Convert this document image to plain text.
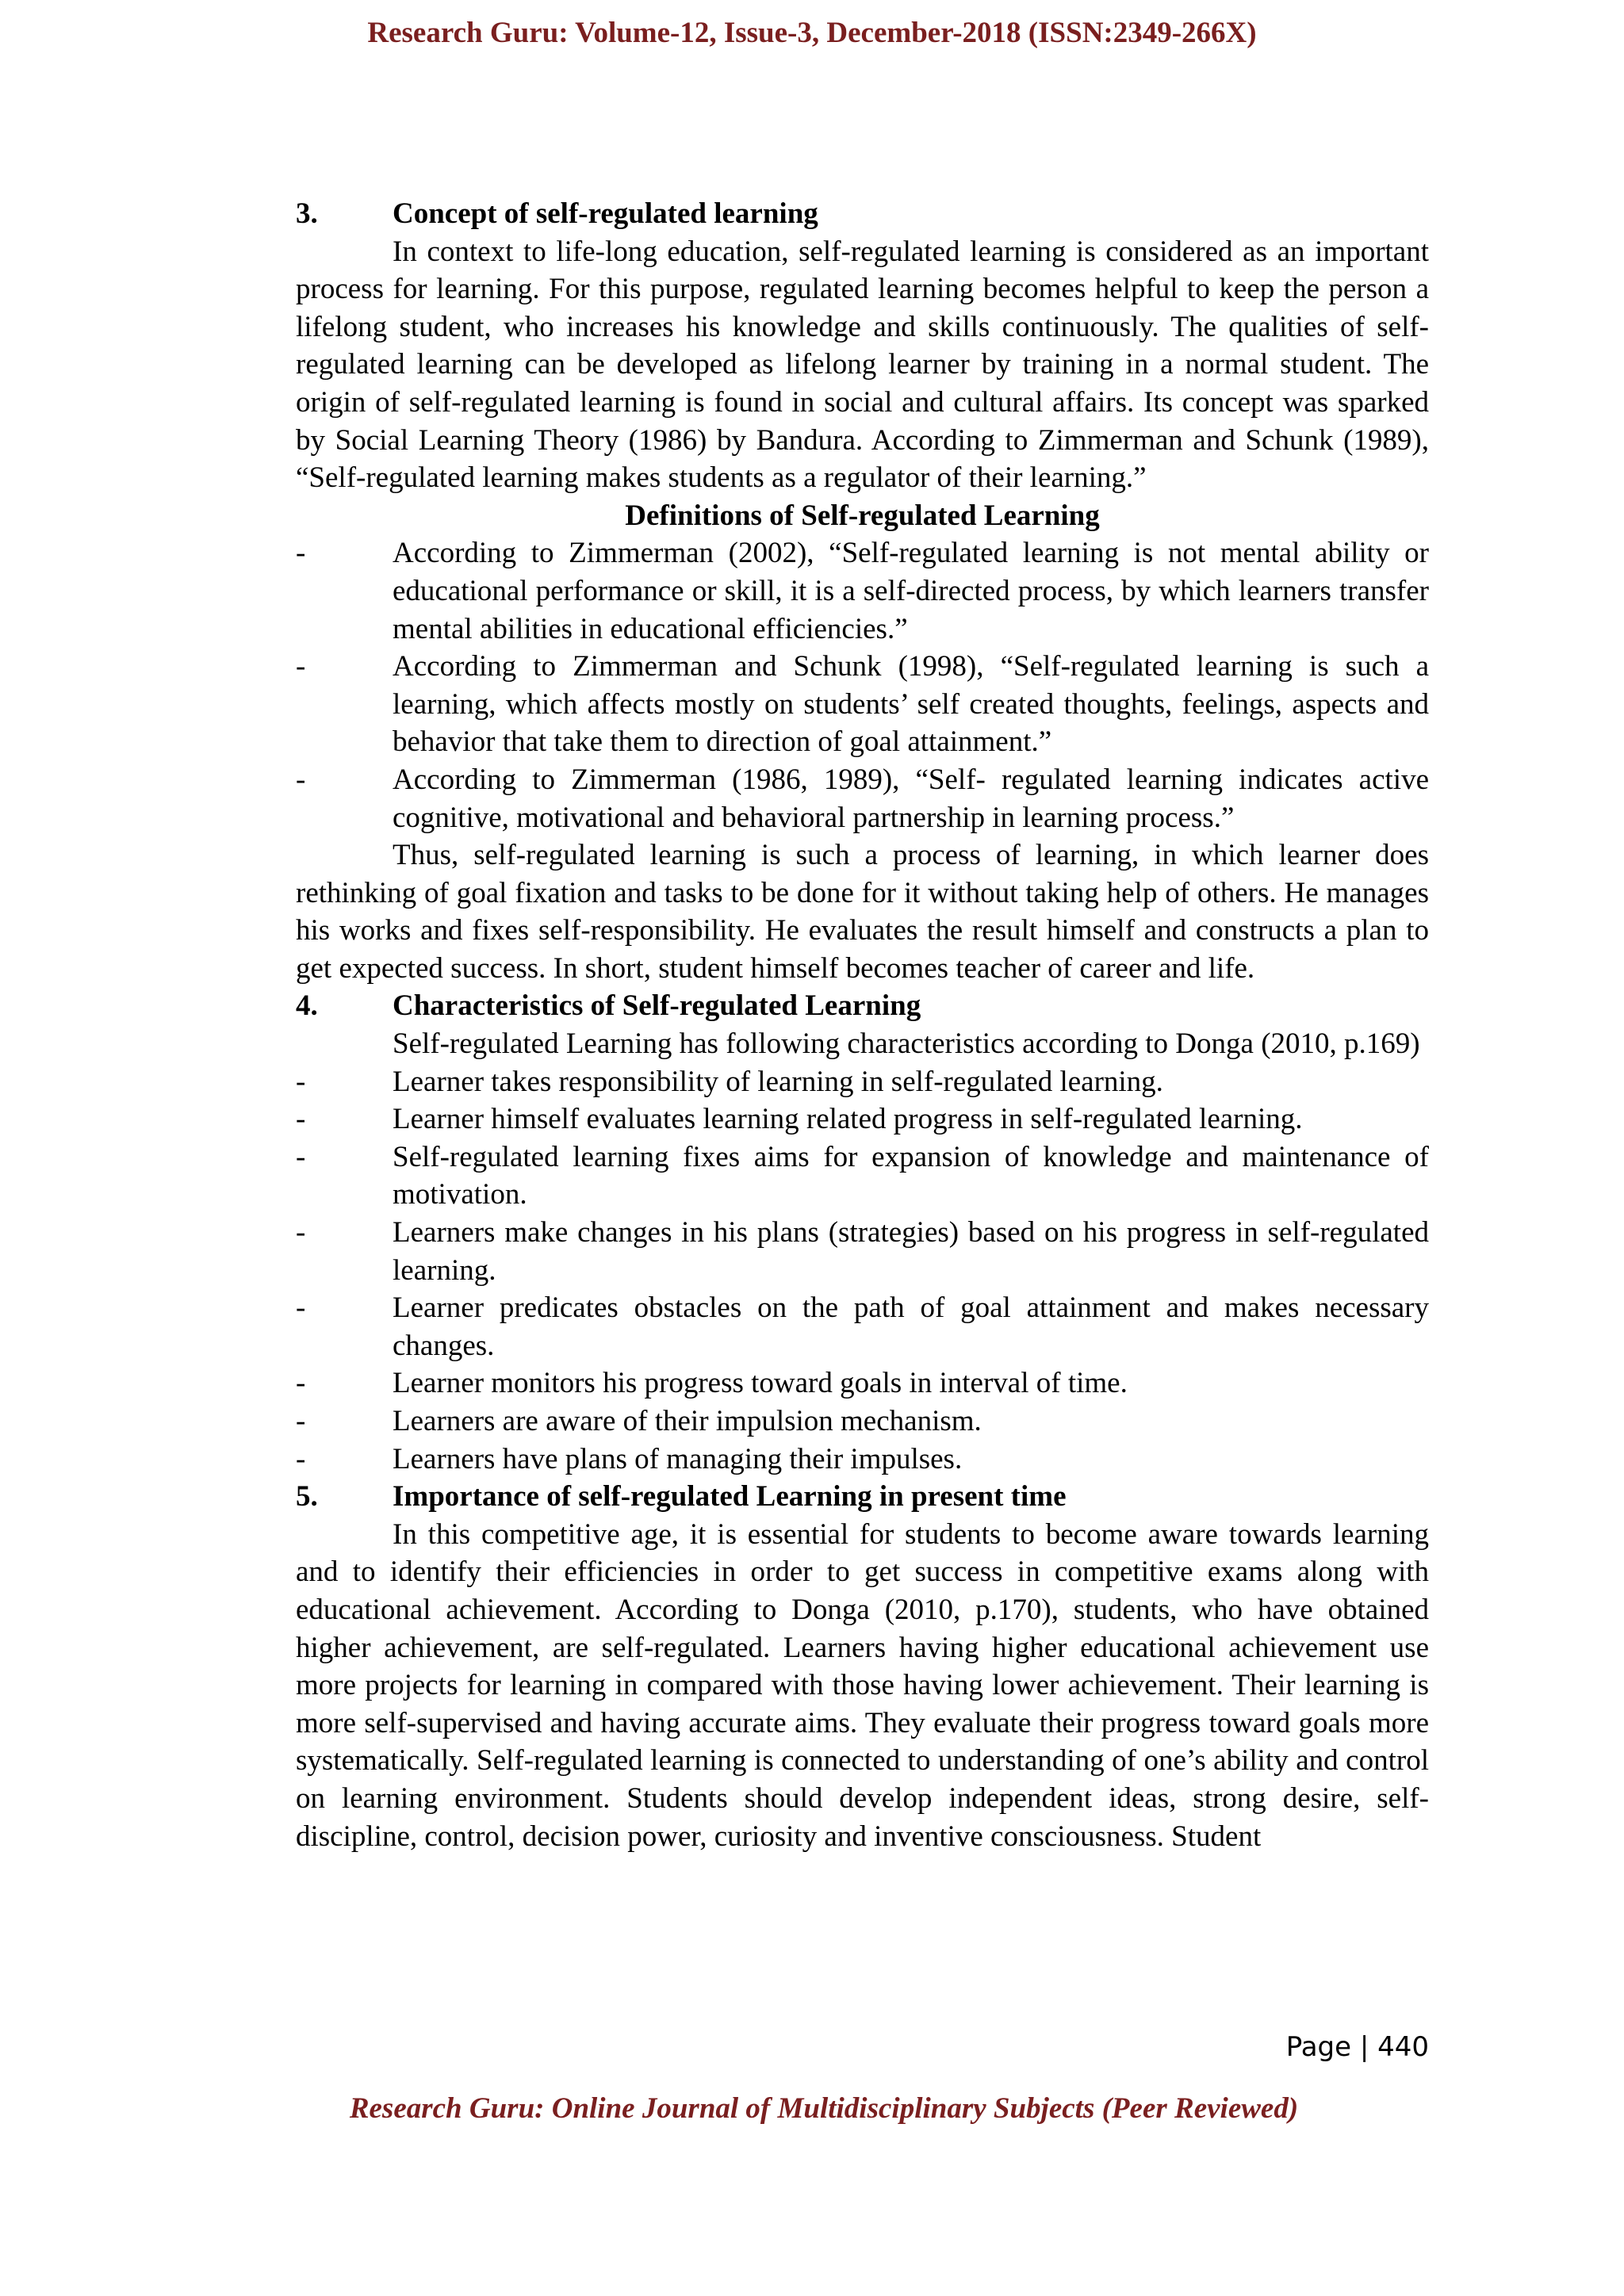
Research Guru: Volume-12, Issue-3, December-2018 (ISSN:2349-266X)
3.	Concept of self-regulated learning

In context to life-long education, self-regulated learning is considered as an important process for learning. For this purpose, regulated learning becomes helpful to keep the person a lifelong student, who increases his knowledge and skills continuously. The qualities of self-regulated learning can be developed as lifelong learner by training in a normal student. The origin of self-regulated learning is found in social and cultural affairs. Its concept was sparked by Social Learning Theory (1986) by Bandura. According to Zimmerman and Schunk (1989), “Self-regulated learning makes students as a regulator of their learning.”

Definitions of Self-regulated Learning
-	According to Zimmerman (2002), “Self-regulated learning is not mental ability or educational performance or skill, it is a self-directed process, by which learners transfer mental abilities in educational efficiencies.”
-	According to Zimmerman and Schunk (1998), “Self-regulated learning is such a learning, which affects mostly on students’ self created thoughts, feelings, aspects and behavior that take them to direction of goal attainment.”
-	According to Zimmerman (1986, 1989), “Self- regulated learning indicates active cognitive, motivational and behavioral partnership in learning process.”

Thus, self-regulated learning is such a process of learning, in which learner does rethinking of goal fixation and tasks to be done for it without taking help of others. He manages his works and fixes self-responsibility. He evaluates the result himself and constructs a plan to get expected success. In short, student himself becomes teacher of career and life.

4.	Characteristics of Self-regulated Learning

Self-regulated Learning has following characteristics according to Donga (2010, p.169)

-	Learner takes responsibility of learning in self-regulated learning.
-	Learner himself evaluates learning related progress in self-regulated learning.
-	Self-regulated learning fixes aims for expansion of knowledge and maintenance of motivation.
-	Learners make changes in his plans (strategies) based on his progress in self-regulated learning.
-	Learner predicates obstacles on the path of goal attainment and makes necessary changes.
-	Learner monitors his progress toward goals in interval of time.
-	Learners are aware of their impulsion mechanism.
-	Learners have plans of managing their impulses.
5.	Importance of self-regulated Learning in present time

In this competitive age, it is essential for students to become aware towards learning and to identify their efficiencies in order to get success in competitive exams along with educational achievement. According to Donga (2010, p.170), students, who have obtained higher achievement, are self-regulated. Learners having higher educational achievement use more projects for learning in compared with those having lower achievement. Their learning is more self-supervised and having accurate aims. They evaluate their progress toward goals more systematically. Self-regulated learning is connected to understanding of one’s ability and control on learning environment. Students should develop independent ideas, strong desire, self-discipline, control, decision power, curiosity and inventive consciousness. Student

Page | 440
Research Guru: Online Journal of Multidisciplinary Subjects (Peer Reviewed)
